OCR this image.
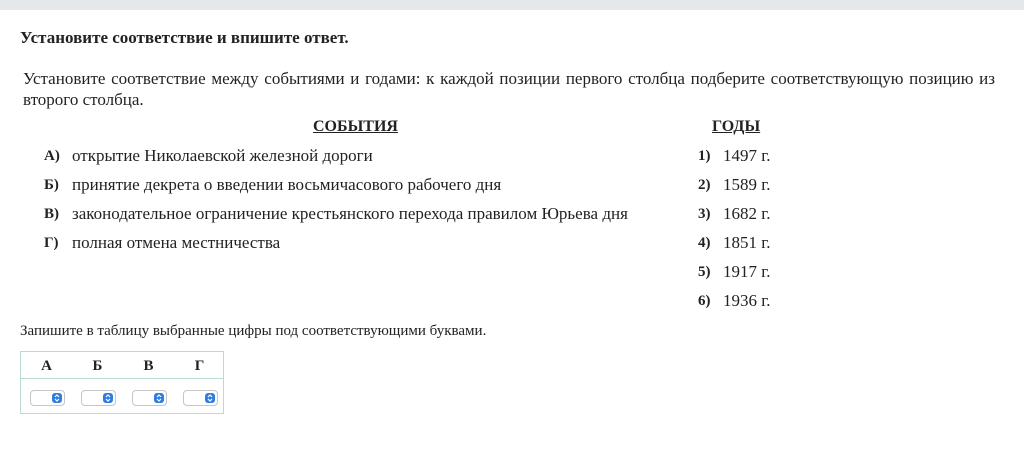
Установите соответствие и впишите ответ.
Установите соответствие между событиями и годами: к каждой позиции первого столбца подберите соответствующую позицию из второго столбца.
СОБЫТИЯ	ГОДЫ
А) открытие Николаевской железной дороги
Б) принятие декрета о введении восьмичасового рабочего дня
В) законодательное ограничение крестьянского перехода правилом Юрьева дня
Г) полная отмена местничества
1) 1497 г.
2) 1589 г.
3) 1682 г.
4) 1851 г.
5) 1917 г.
6) 1936 г.
Запишите в таблицу выбранные цифры под соответствующими буквами.
А	Б	В	Г
